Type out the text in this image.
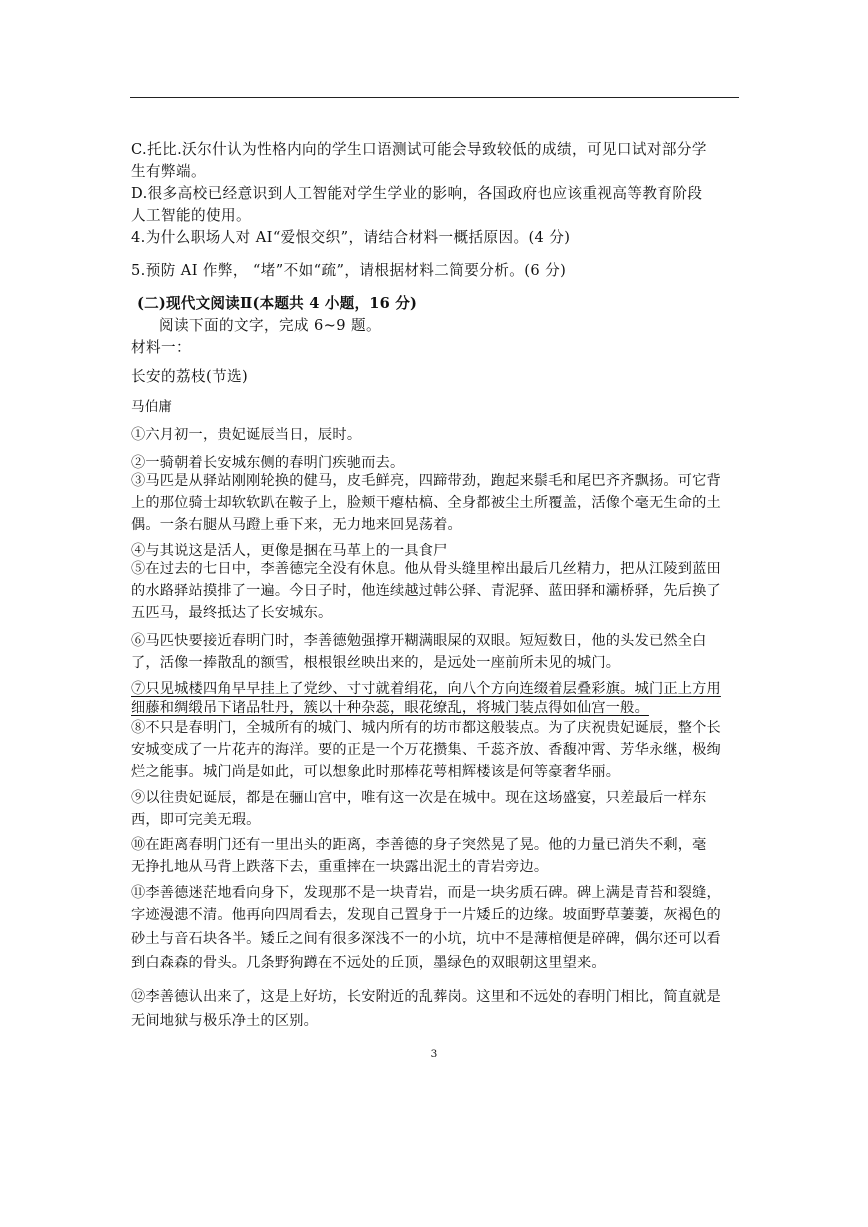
C.托比.沃尔什认为性格内向的学生口语测试可能会导致较低的成绩，可见口试对部分学
生有弊端。
D.很多高校已经意识到人工智能对学生学业的影响，各国政府也应该重视高等教育阶段
人工智能的使用。
4.为什么职场人对 AI“爱恨交织”，请结合材料一概括原因。(4 分)
5.预防 AI 作弊， “堵”不如“疏”，请根据材料二简要分析。(6 分)
(二)现代文阅读Ⅱ(本题共 4 小题，16 分)
阅读下面的文字，完成 6~9 题。
材料一：
长安的荔枝(节选)
马伯庸
①六月初一，贵妃诞辰当日，辰时。
②一骑朝着长安城东侧的春明门疾驰而去。
③马匹是从驿站刚刚轮换的健马，皮毛鲜亮，四蹄带劲，跑起来鬃毛和尾巴齐齐飘扬。可它背
上的那位骑士却软软趴在鞍子上，脸颊干瘪枯槁、全身都被尘土所覆盖，活像个毫无生命的土
偶。一条右腿从马蹬上垂下来，无力地来回晃荡着。
④与其说这是活人，更像是捆在马革上的一具食尸
⑤在过去的七日中，李善德完全没有休息。他从骨头缝里榨出最后几丝精力，把从江陵到蓝田
的水路驿站摸排了一遍。今日子时，他连续越过韩公驿、青泥驿、蓝田驿和灞桥驿，先后换了
五匹马，最终抵达了长安城东。
⑥马匹快要接近春明门时，李善德勉强撑开糊满眼屎的双眼。短短数日，他的头发已然全白
了，活像一捧散乱的额雪，根根银丝映出来的，是远处一座前所未见的城门。
⑦只见城楼四角早早挂上了党纱、寸寸就着绢花，向八个方向连缀着层叠彩旗。城门正上方用
细藤和绸缎吊下诸品牡丹，簇以十种杂蕊，眼花缭乱，将城门装点得如仙宫一般。
⑧不只是春明门，全城所有的城门、城内所有的坊市都这般装点。为了庆祝贵妃诞辰，整个长
安城变成了一片花卉的海洋。要的正是一个万花攒集、千蕊齐放、香馥冲霄、芳华永继，极绚
烂之能事。城门尚是如此，可以想象此时那棒花萼相辉楼该是何等豪奢华丽。
⑨以往贵妃诞辰，都是在骊山宫中，唯有这一次是在城中。现在这场盛宴，只差最后一样东
西，即可完美无瑕。
⑩在距离春明门还有一里出头的距离，李善德的身子突然晃了晃。他的力量已消失不剩，毫
无挣扎地从马背上跌落下去，重重摔在一块露出泥土的青岩旁边。
⑪李善德迷茫地看向身下，发现那不是一块青岩，而是一块劣质石碑。碑上满是青苔和裂缝，
字迹漫漶不清。他再向四周看去，发现自己置身于一片矮丘的边缘。坡面野草萋萋，灰褐色的
砂土与音石块各半。矮丘之间有很多深浅不一的小坑，坑中不是薄棺便是碎碑，偶尔还可以看
到白森森的骨头。几条野狗蹲在不远处的丘顶，墨绿色的双眼朝这里望来。
⑫李善德认出来了，这是上好坊，长安附近的乱葬岗。这里和不远处的春明门相比，简直就是
无间地狱与极乐净土的区别。
3
